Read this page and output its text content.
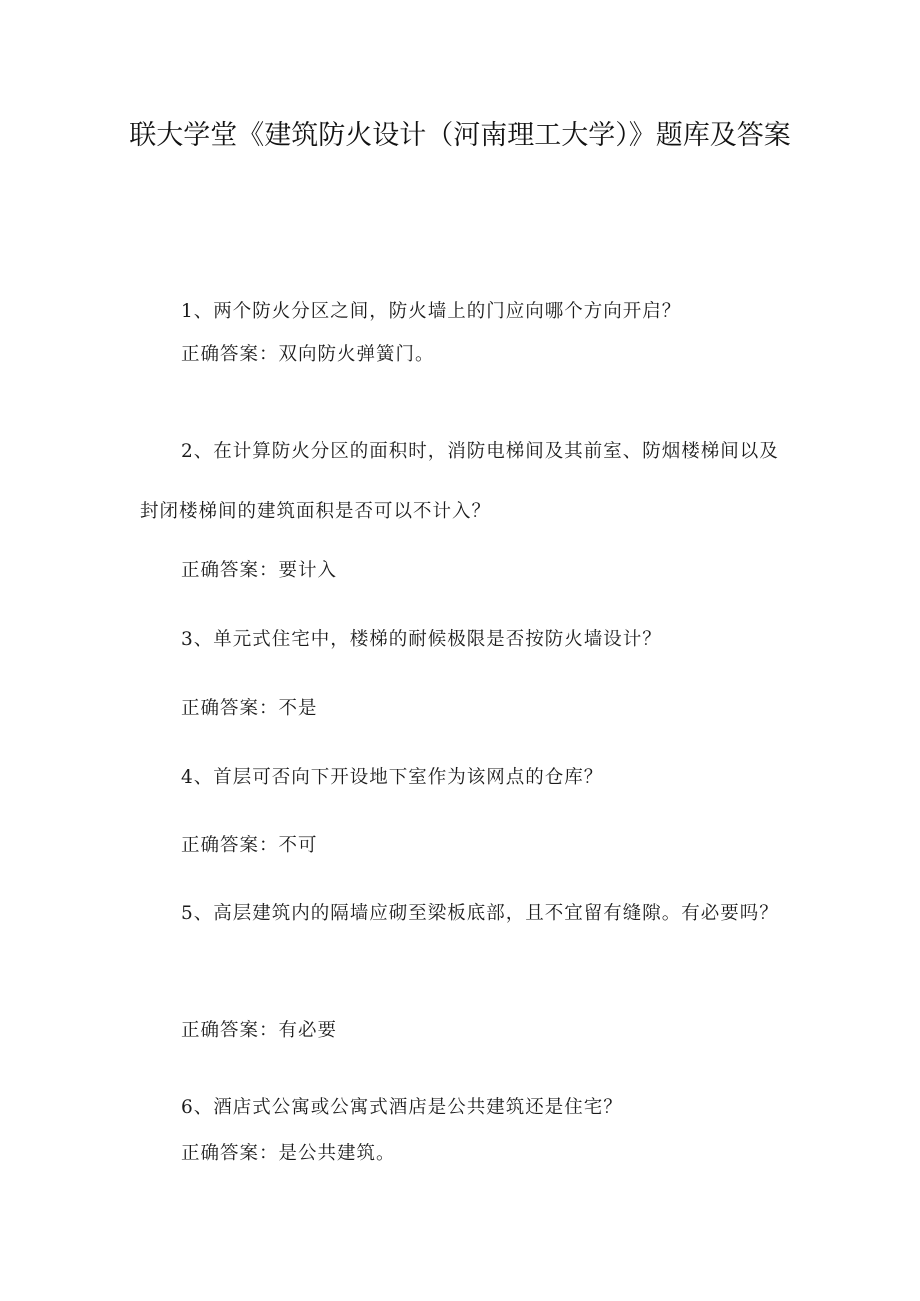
联大学堂《建筑防火设计（河南理工大学）》题库及答案

1、两个防火分区之间，防火墙上的门应向哪个方向开启？

正确答案：双向防火弹簧门。

2、在计算防火分区的面积时，消防电梯间及其前室、防烟楼梯间以及封闭楼梯间的建筑面积是否可以不计入？

正确答案：要计入

3、单元式住宅中，楼梯的耐候极限是否按防火墙设计？

正确答案：不是

4、首层可否向下开设地下室作为该网点的仓库？

正确答案：不可

5、高层建筑内的隔墙应砌至梁板底部，且不宜留有缝隙。有必要吗？

正确答案：有必要

6、酒店式公寓或公寓式酒店是公共建筑还是住宅？

正确答案：是公共建筑。
